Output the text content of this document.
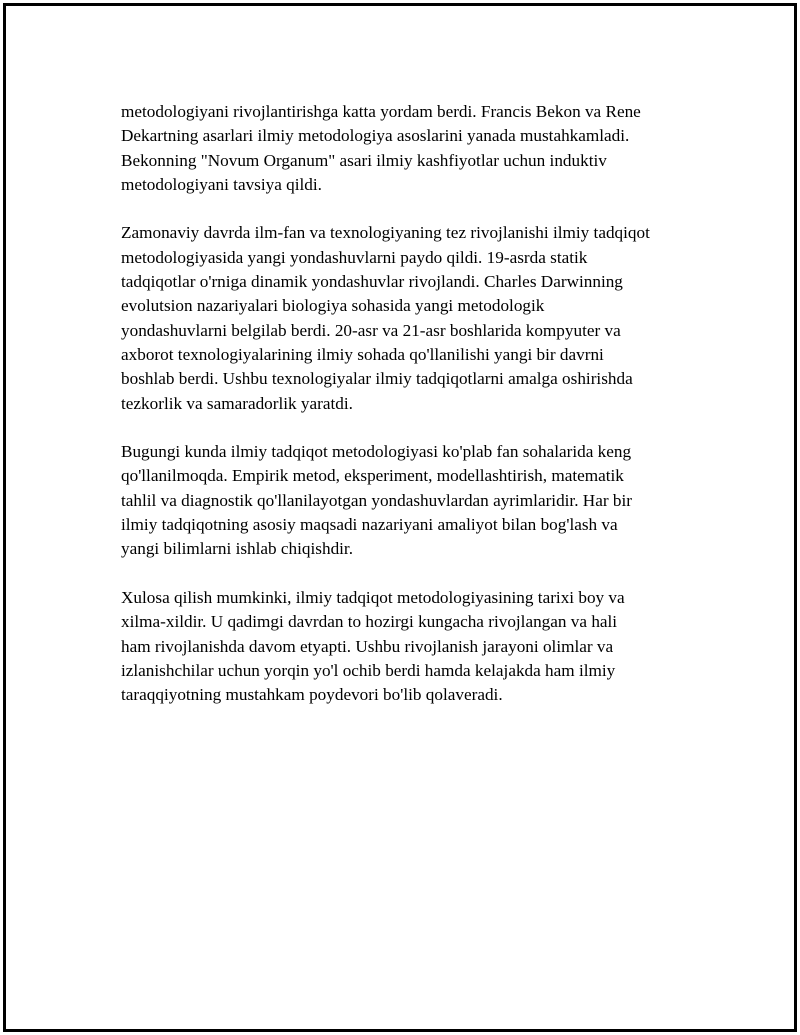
metodologiyani rivojlantirishga katta yordam berdi. Francis Bekon va Rene
Dekartning asarlari ilmiy metodologiya asoslarini yanada mustahkamladi.
Bekonning "Novum Organum" asari ilmiy kashfiyotlar uchun induktiv
metodologiyani tavsiya qildi.

Zamonaviy davrda ilm-fan va texnologiyaning tez rivojlanishi ilmiy tadqiqot
metodologiyasida yangi yondashuvlarni paydo qildi. 19-asrda statik
tadqiqotlar o'rniga dinamik yondashuvlar rivojlandi. Charles Darwinning
evolutsion nazariyalari biologiya sohasida yangi metodologik
yondashuvlarni belgilab berdi. 20-asr va 21-asr boshlarida kompyuter va
axborot texnologiyalarining ilmiy sohada qo'llanilishi yangi bir davrni
boshlab berdi. Ushbu texnologiyalar ilmiy tadqiqotlarni amalga oshirishda
tezkorlik va samaradorlik yaratdi.

Bugungi kunda ilmiy tadqiqot metodologiyasi ko'plab fan sohalarida keng
qo'llanilmoqda. Empirik metod, eksperiment, modellashtirish, matematik
tahlil va diagnostik qo'llanilayotgan yondashuvlardan ayrimlaridir. Har bir
ilmiy tadqiqotning asosiy maqsadi nazariyani amaliyot bilan bog'lash va
yangi bilimlarni ishlab chiqishdir.

Xulosa qilish mumkinki, ilmiy tadqiqot metodologiyasining tarixi boy va
xilma-xildir. U qadimgi davrdan to hozirgi kungacha rivojlangan va hali
ham rivojlanishda davom etyapti. Ushbu rivojlanish jarayoni olimlar va
izlanishchilar uchun yorqin yo'l ochib berdi hamda kelajakda ham ilmiy
taraqqiyotning mustahkam poydevori bo'lib qolaveradi.
